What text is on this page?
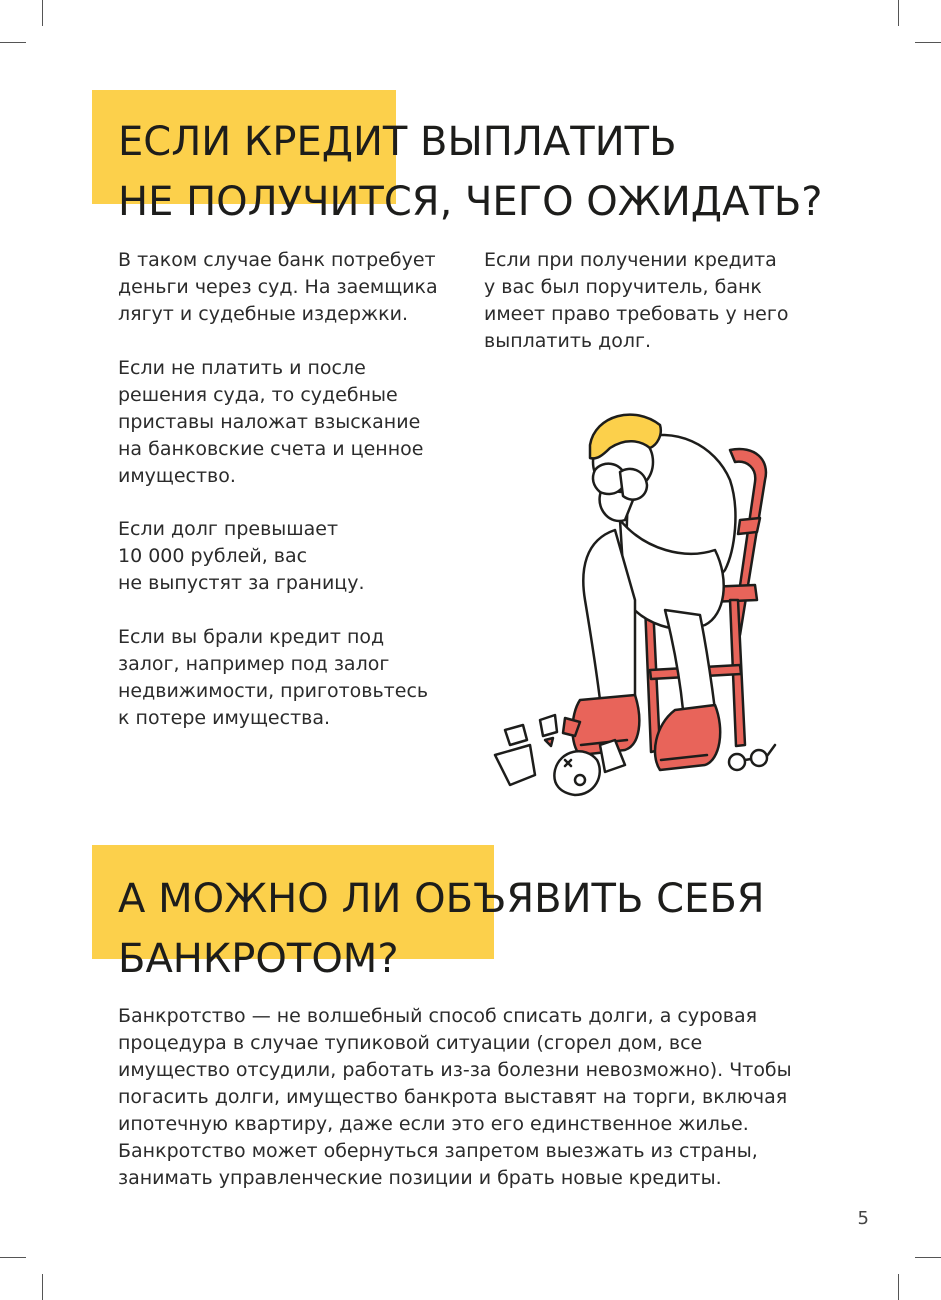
ЕСЛИ КРЕДИТ ВЫПЛАТИТЬ
НЕ ПОЛУЧИТСЯ, ЧЕГО ОЖИДАТЬ?
В таком случае банк потребует
деньги через суд. На заемщика
лягут и судебные издержки.
Если не платить и после
решения суда, то судебные
приставы наложат взыскание
на банковские счета и ценное
имущество.
Если долг превышает
10 000 рублей, вас
не выпустят за границу.
Если вы брали кредит под
залог, например под залог
недвижимости, приготовьтесь
к потере имущества.
Если при получении кредита
у вас был поручитель, банк
имеет право требовать у него
выплатить долг.
А МОЖНО ЛИ ОБЪЯВИТЬ СЕБЯ
БАНКРОТОМ?
Банкротство — не волшебный способ списать долги, а суровая
процедура в случае тупиковой ситуации (сгорел дом, все
имущество отсудили, работать из-за болезни невозможно). Чтобы
погасить долги, имущество банкрота выставят на торги, включая
ипотечную квартиру, даже если это его единственное жилье.
Банкротство может обернуться запретом выезжать из страны,
занимать управленческие позиции и брать новые кредиты.
5
